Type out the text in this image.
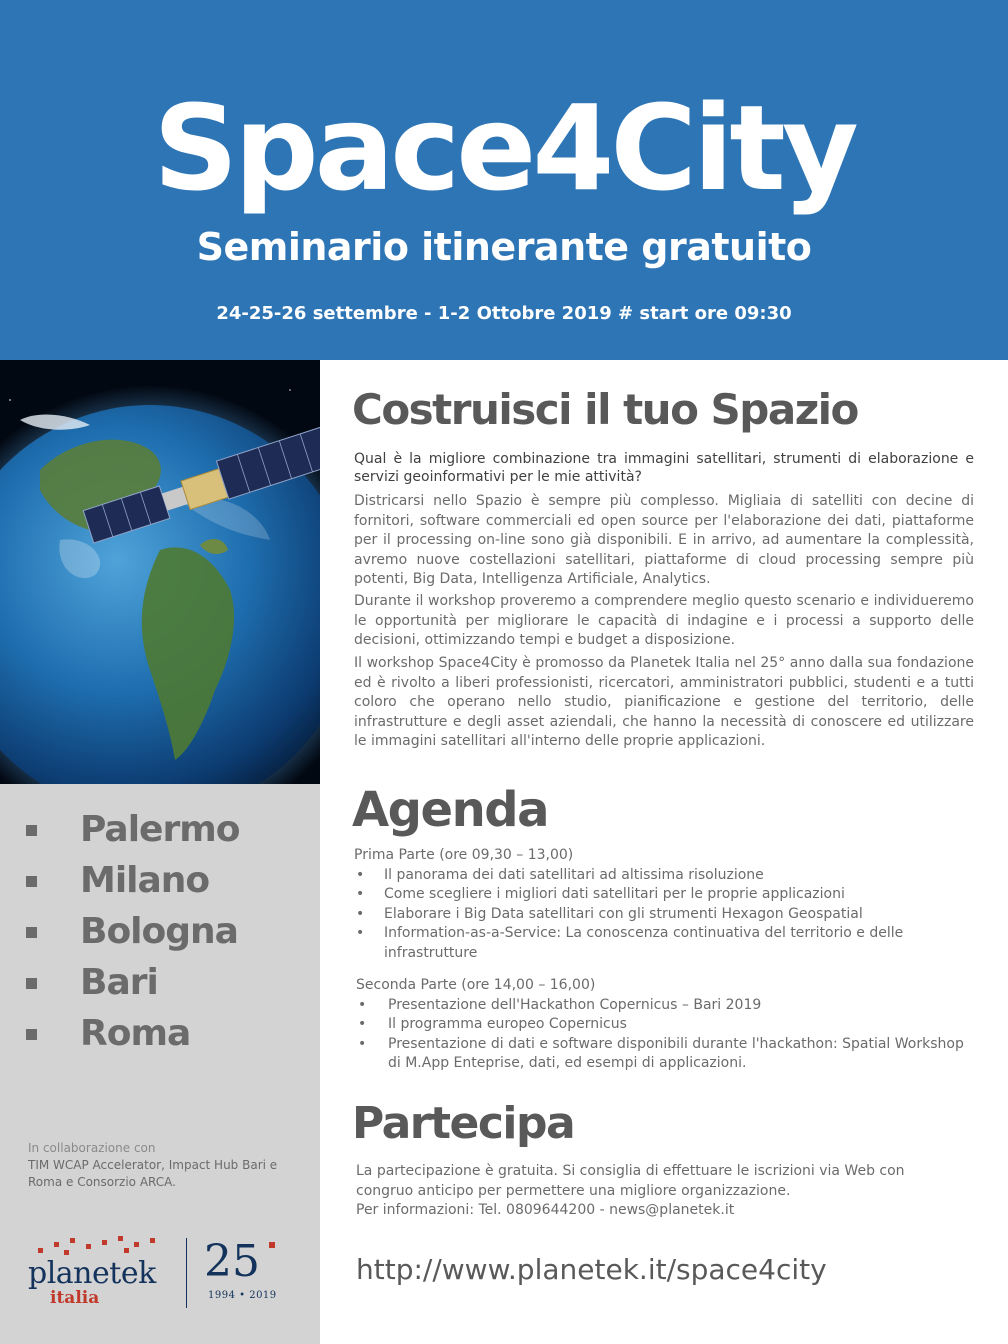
Space4City
Seminario itinerante gratuito
24-25-26 settembre - 1-2 Ottobre 2019 # start ore 09:30
Palermo
Milano
Bologna
Bari
Roma
In collaborazione con
TIM WCAP Accelerator, Impact Hub Bari e Roma e Consorzio ARCA.
planetek
italia
25
1994 • 2019
Costruisci il tuo Spazio
Qual è la migliore combinazione tra immagini satellitari, strumenti di elaborazione e servizi geoinformativi per le mie attività?

Districarsi nello Spazio è sempre più complesso. Migliaia di satelliti con decine di fornitori, software commerciali ed open source per l'elaborazione dei dati, piattaforme per il processing on-line sono già disponibili. E in arrivo, ad aumentare la complessità, avremo nuove costellazioni satellitari, piattaforme di cloud processing sempre più potenti, Big Data, Intelligenza Artificiale, Analytics.

Durante il workshop proveremo a comprendere meglio questo scenario e individueremo le opportunità per migliorare le capacità di indagine e i processi a supporto delle decisioni, ottimizzando tempi e budget a disposizione.

Il workshop Space4City è promosso da Planetek Italia nel 25° anno dalla sua fondazione ed è rivolto a liberi professionisti, ricercatori, amministratori pubblici, studenti e a tutti coloro che operano nello studio, pianificazione e gestione del territorio, delle infrastrutture e degli asset aziendali, che hanno la necessità di conoscere ed utilizzare le immagini satellitari all'interno delle proprie applicazioni.

Agenda
Prima Parte (ore 09,30 – 13,00)
• Il panorama dei dati satellitari ad altissima risoluzione
• Come scegliere i migliori dati satellitari per le proprie applicazioni
• Elaborare i Big Data satellitari con gli strumenti Hexagon Geospatial
• Information-as-a-Service: La conoscenza continuativa del territorio e delle infrastrutture
Seconda Parte (ore 14,00 – 16,00)
• Presentazione dell'Hackathon Copernicus – Bari 2019
• Il programma europeo Copernicus
• Presentazione di dati e software disponibili durante l'hackathon: Spatial Workshop di M.App Enteprise, dati, ed esempi di applicazioni.
Partecipa
La partecipazione è gratuita. Si consiglia di effettuare le iscrizioni via Web con
congruo anticipo per permettere una migliore organizzazione.
Per informazioni: Tel. 0809644200 - news@planetek.it
http://www.planetek.it/space4city
